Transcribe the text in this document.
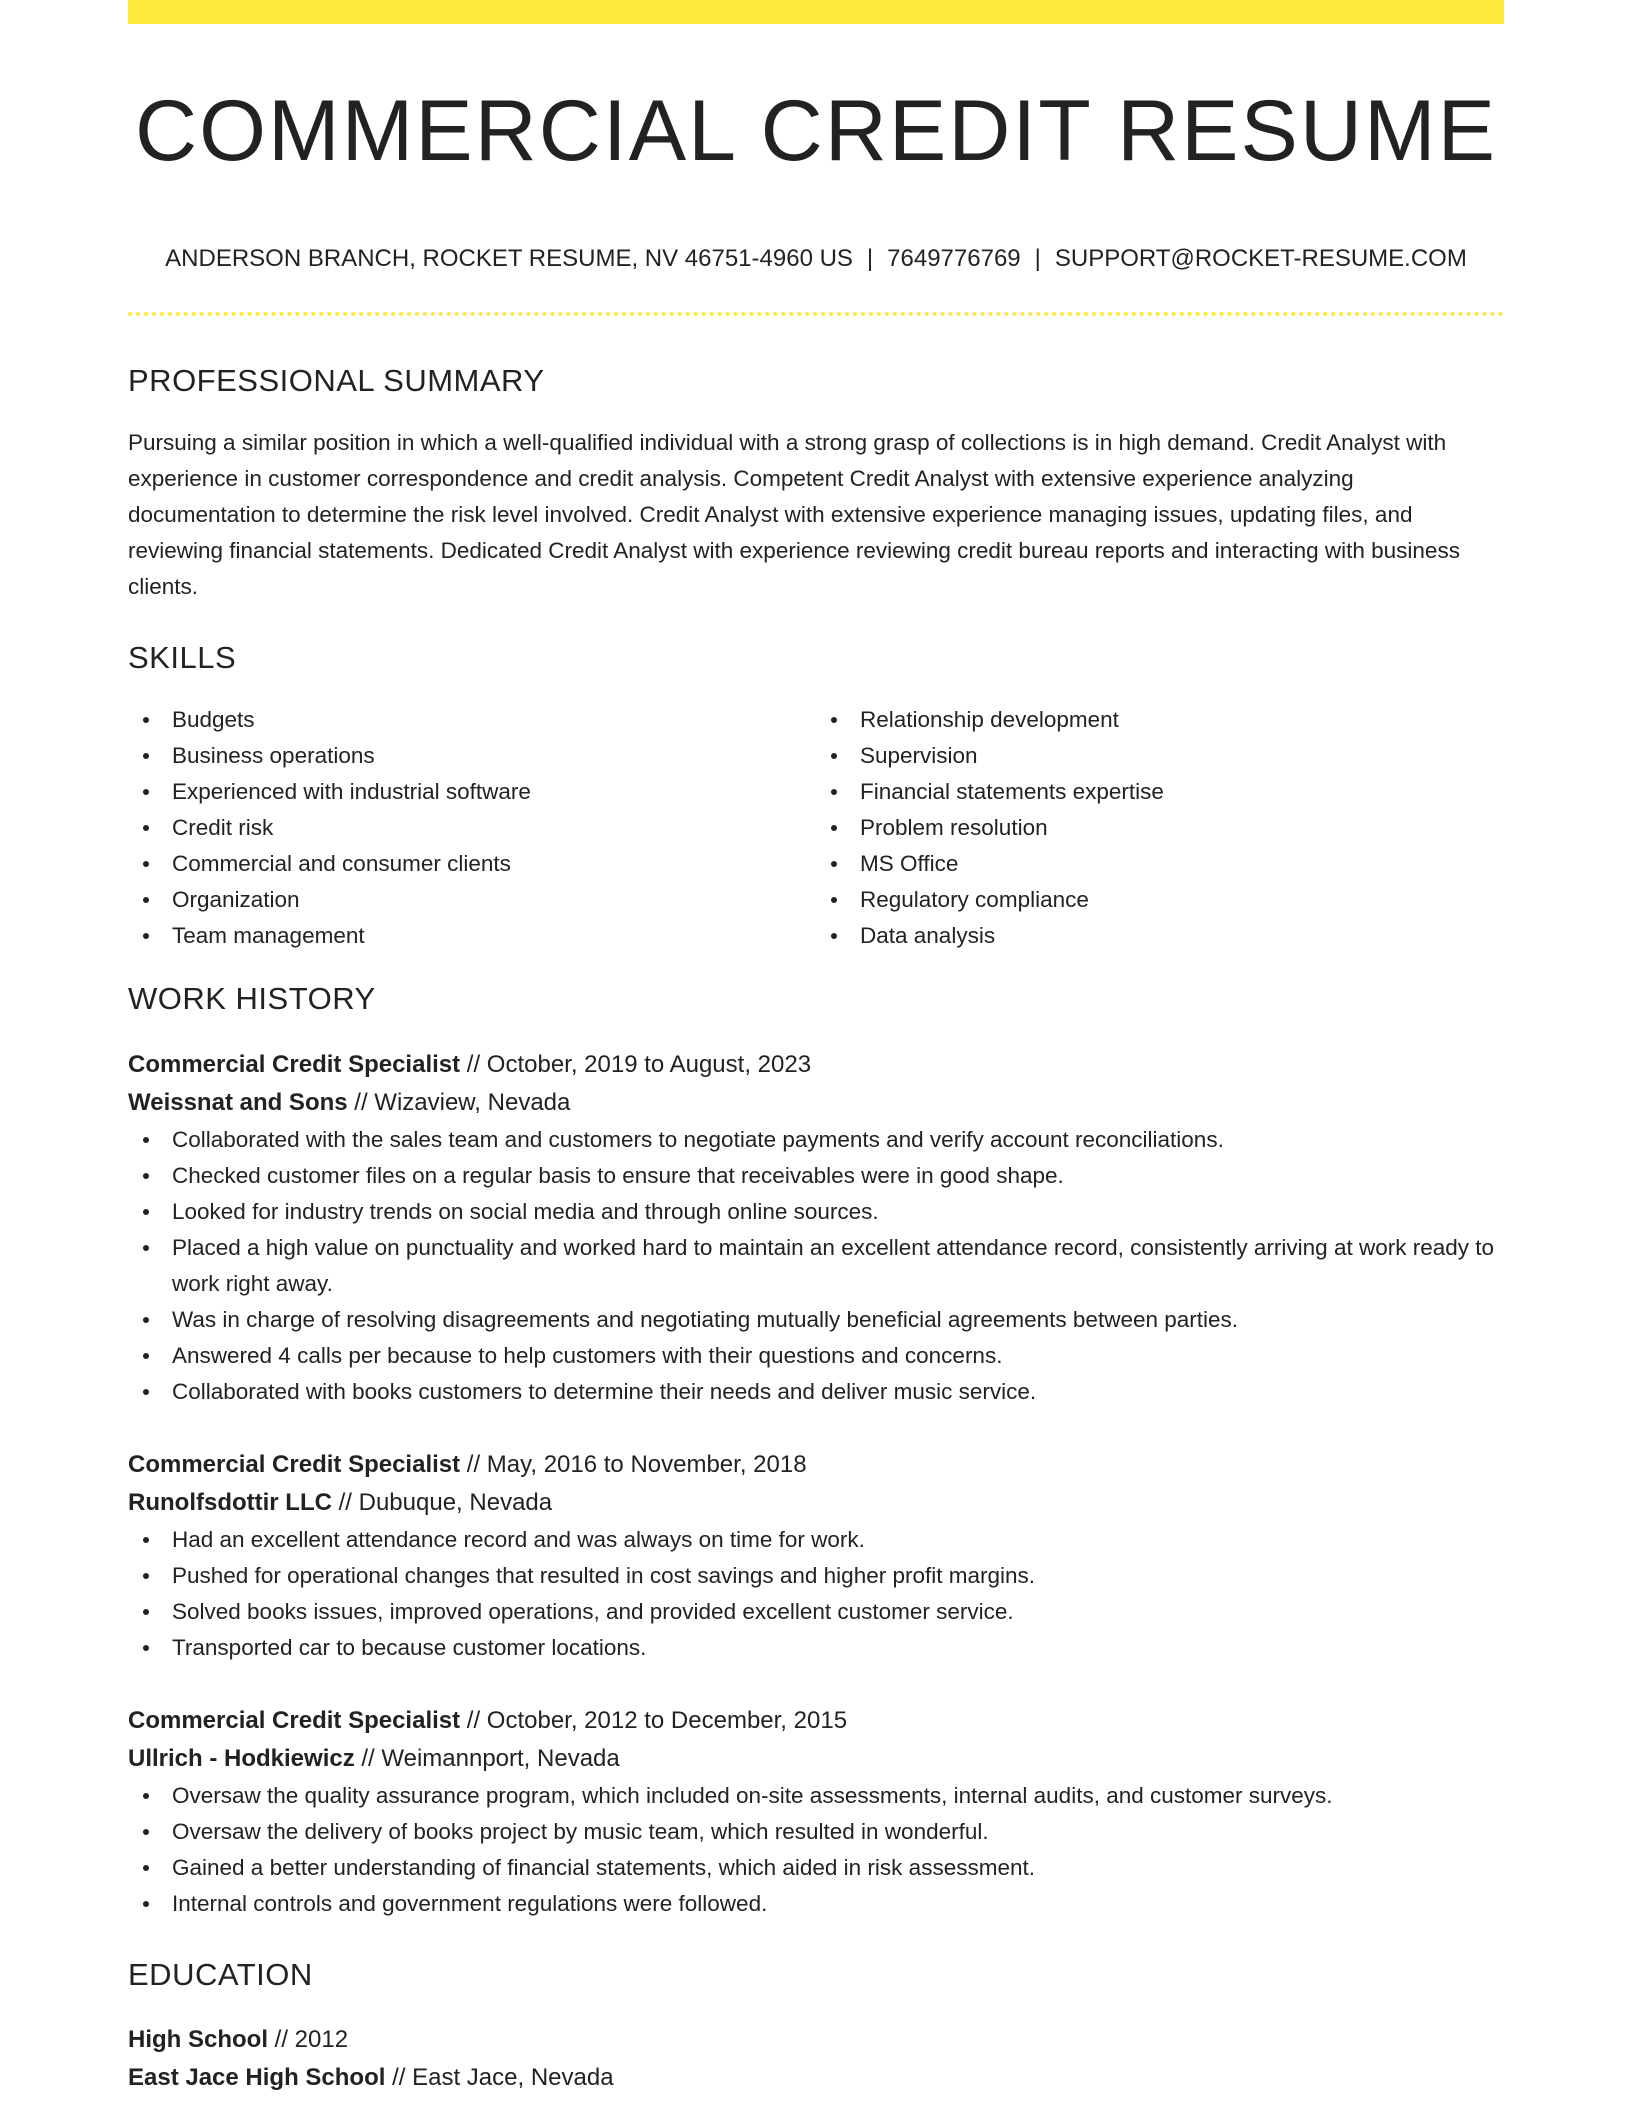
COMMERCIAL CREDIT RESUME
ANDERSON BRANCH, ROCKET RESUME, NV 46751-4960 US | 7649776769 | SUPPORT@ROCKET-RESUME.COM
PROFESSIONAL SUMMARY

Pursuing a similar position in which a well-qualified individual with a strong grasp of collections is in high demand. Credit Analyst with experience in customer correspondence and credit analysis. Competent Credit Analyst with extensive experience analyzing documentation to determine the risk level involved. Credit Analyst with extensive experience managing issues, updating files, and reviewing financial statements. Dedicated Credit Analyst with experience reviewing credit bureau reports and interacting with business clients.

SKILLS
Budgets
Business operations
Experienced with industrial software
Credit risk
Commercial and consumer clients
Organization
Team management
Relationship development
Supervision
Financial statements expertise
Problem resolution
MS Office
Regulatory compliance
Data analysis
WORK HISTORY
Commercial Credit Specialist // October, 2019 to August, 2023
Weissnat and Sons // Wizaview, Nevada
Collaborated with the sales team and customers to negotiate payments and verify account reconciliations.
Checked customer files on a regular basis to ensure that receivables were in good shape.
Looked for industry trends on social media and through online sources.
Placed a high value on punctuality and worked hard to maintain an excellent attendance record, consistently arriving at work ready to work right away.
Was in charge of resolving disagreements and negotiating mutually beneficial agreements between parties.
Answered 4 calls per because to help customers with their questions and concerns.
Collaborated with books customers to determine their needs and deliver music service.
Commercial Credit Specialist // May, 2016 to November, 2018
Runolfsdottir LLC // Dubuque, Nevada
Had an excellent attendance record and was always on time for work.
Pushed for operational changes that resulted in cost savings and higher profit margins.
Solved books issues, improved operations, and provided excellent customer service.
Transported car to because customer locations.
Commercial Credit Specialist // October, 2012 to December, 2015
Ullrich - Hodkiewicz // Weimannport, Nevada
Oversaw the quality assurance program, which included on-site assessments, internal audits, and customer surveys.
Oversaw the delivery of books project by music team, which resulted in wonderful.
Gained a better understanding of financial statements, which aided in risk assessment.
Internal controls and government regulations were followed.
EDUCATION
High School // 2012
East Jace High School // East Jace, Nevada
